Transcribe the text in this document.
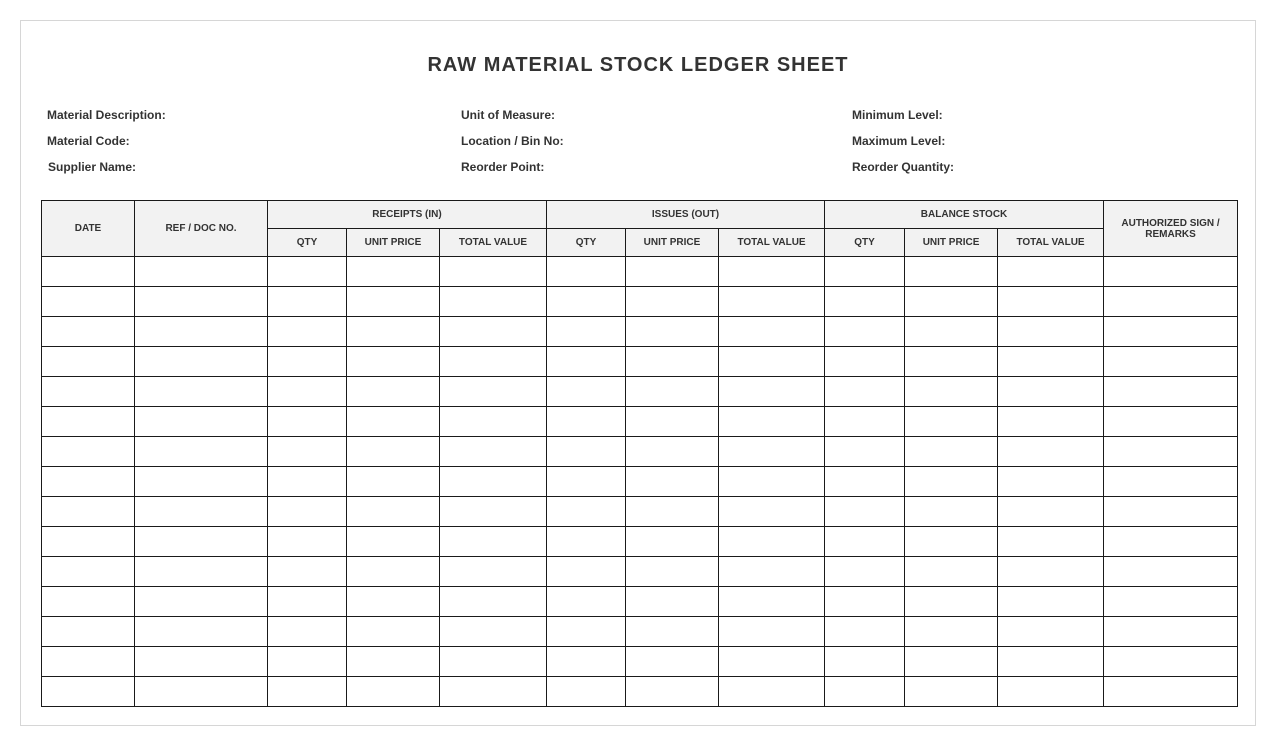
RAW MATERIAL STOCK LEDGER SHEET
Material Description:
Material Code:
Supplier Name:
Unit of Measure:
Location / Bin No:
Reorder Point:
Minimum Level:
Maximum Level:
Reorder Quantity:
DATE	REF / DOC NO.	RECEIPTS (IN)			ISSUES (OUT)			BALANCE STOCK			AUTHORIZED SIGN / REMARKS
		QTY	UNIT PRICE	TOTAL VALUE	QTY	UNIT PRICE	TOTAL VALUE	QTY	UNIT PRICE	TOTAL VALUE	
